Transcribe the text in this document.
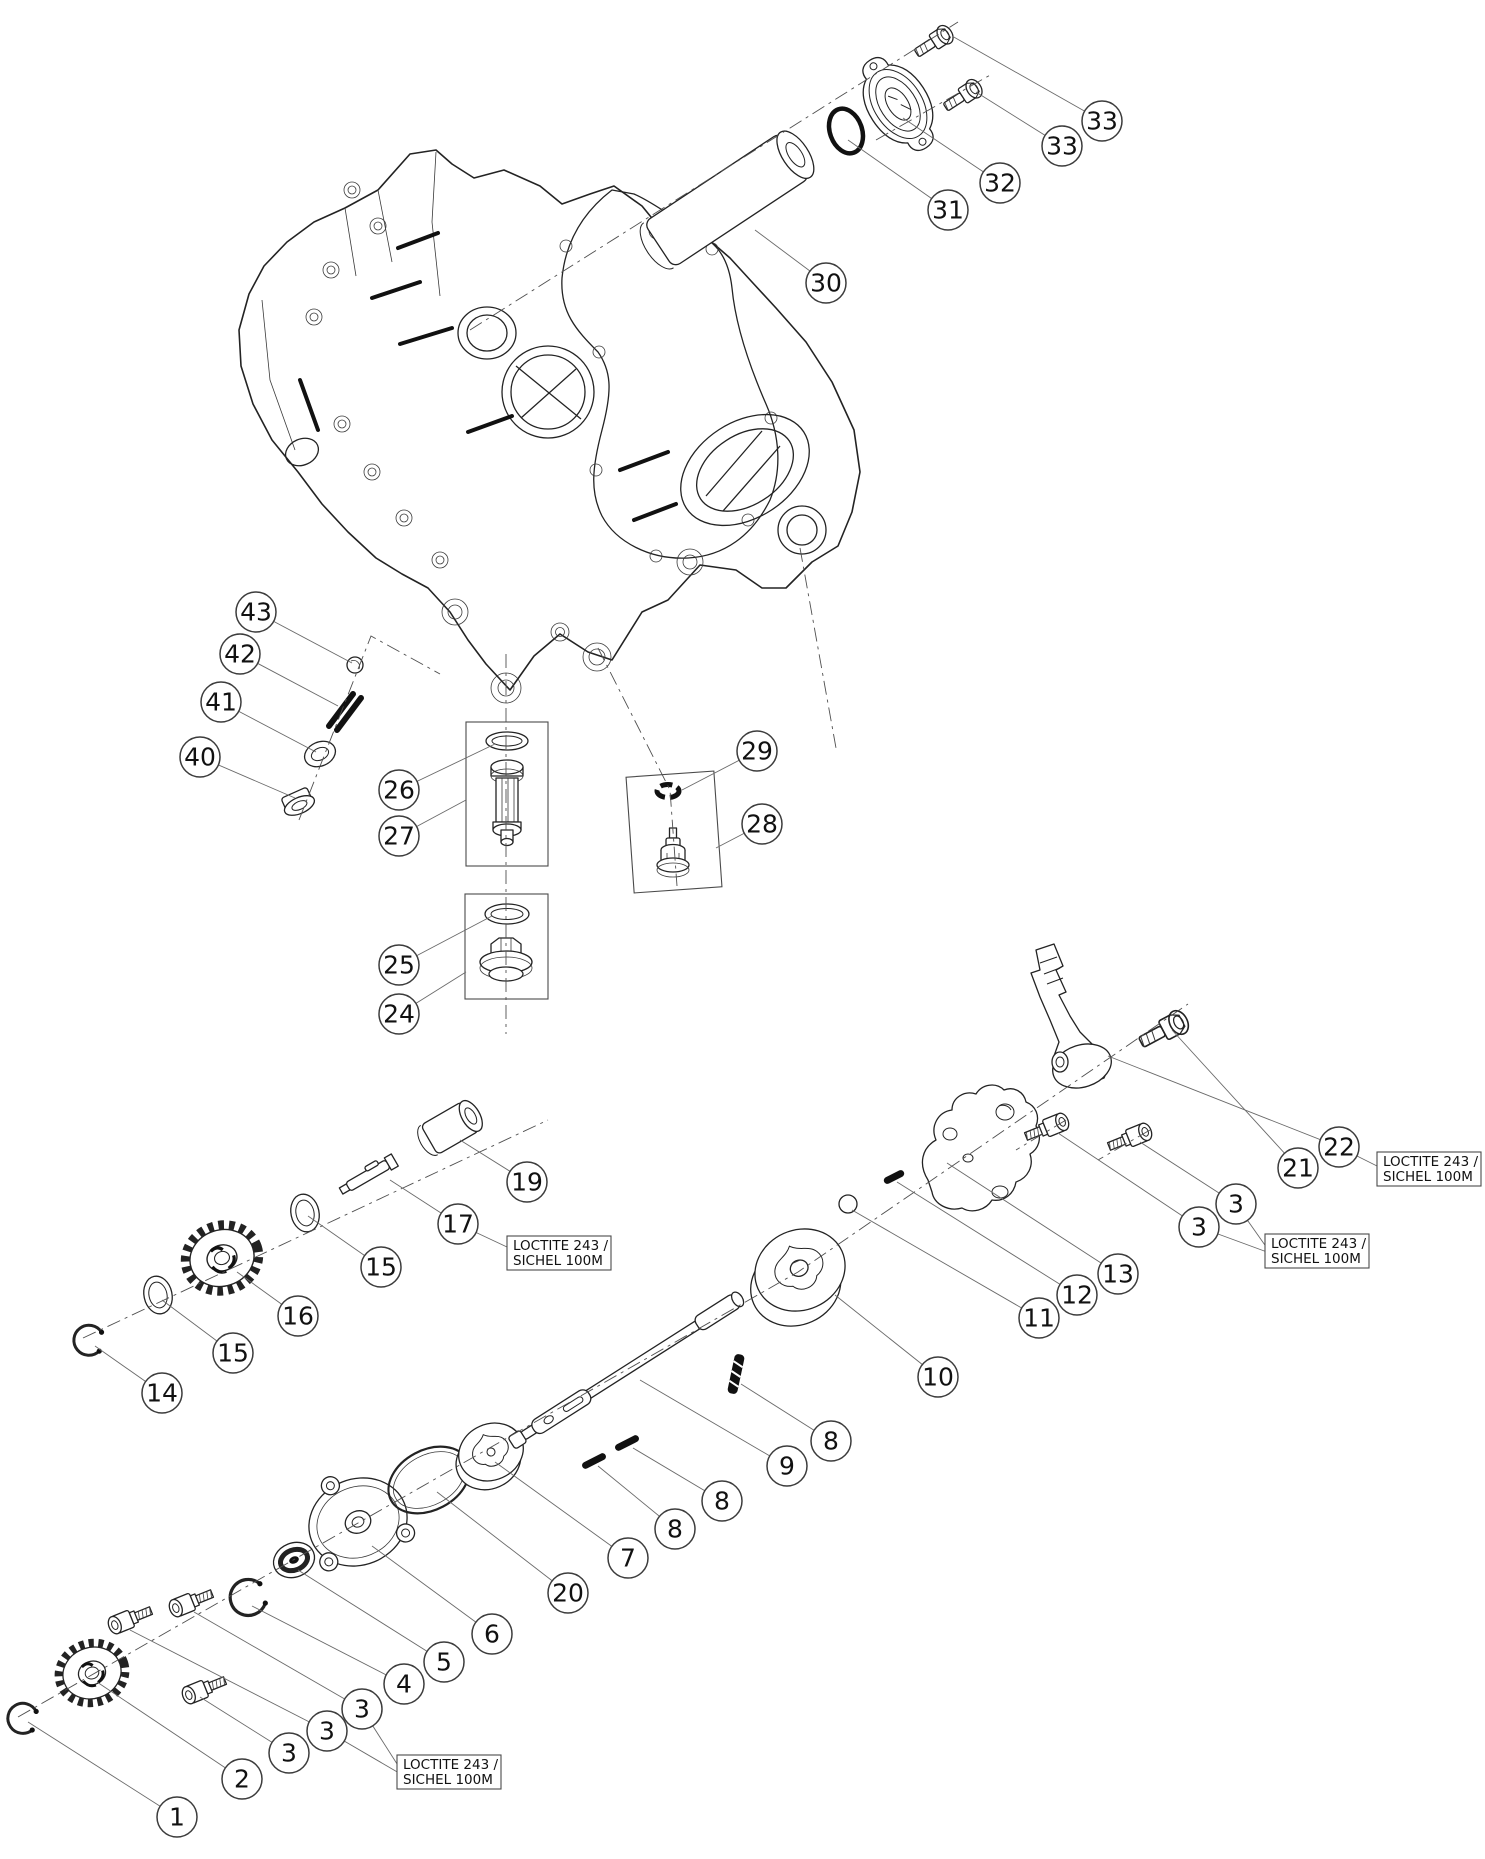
LOCTITE 243 / SICHEL 100M
LOCTITE 243 / SICHEL 100M
LOCTITE 243 / SICHEL 100M
LOCTITE 243 / SICHEL 100M
33
33
32
31
30
43
42
41
40
26
27
25
24
29
28
22
21
3
3
13
12
11
19
17
15
16
15
14
10
8
9
8
8
7
20
6
5
4
3
3
3
2
1
